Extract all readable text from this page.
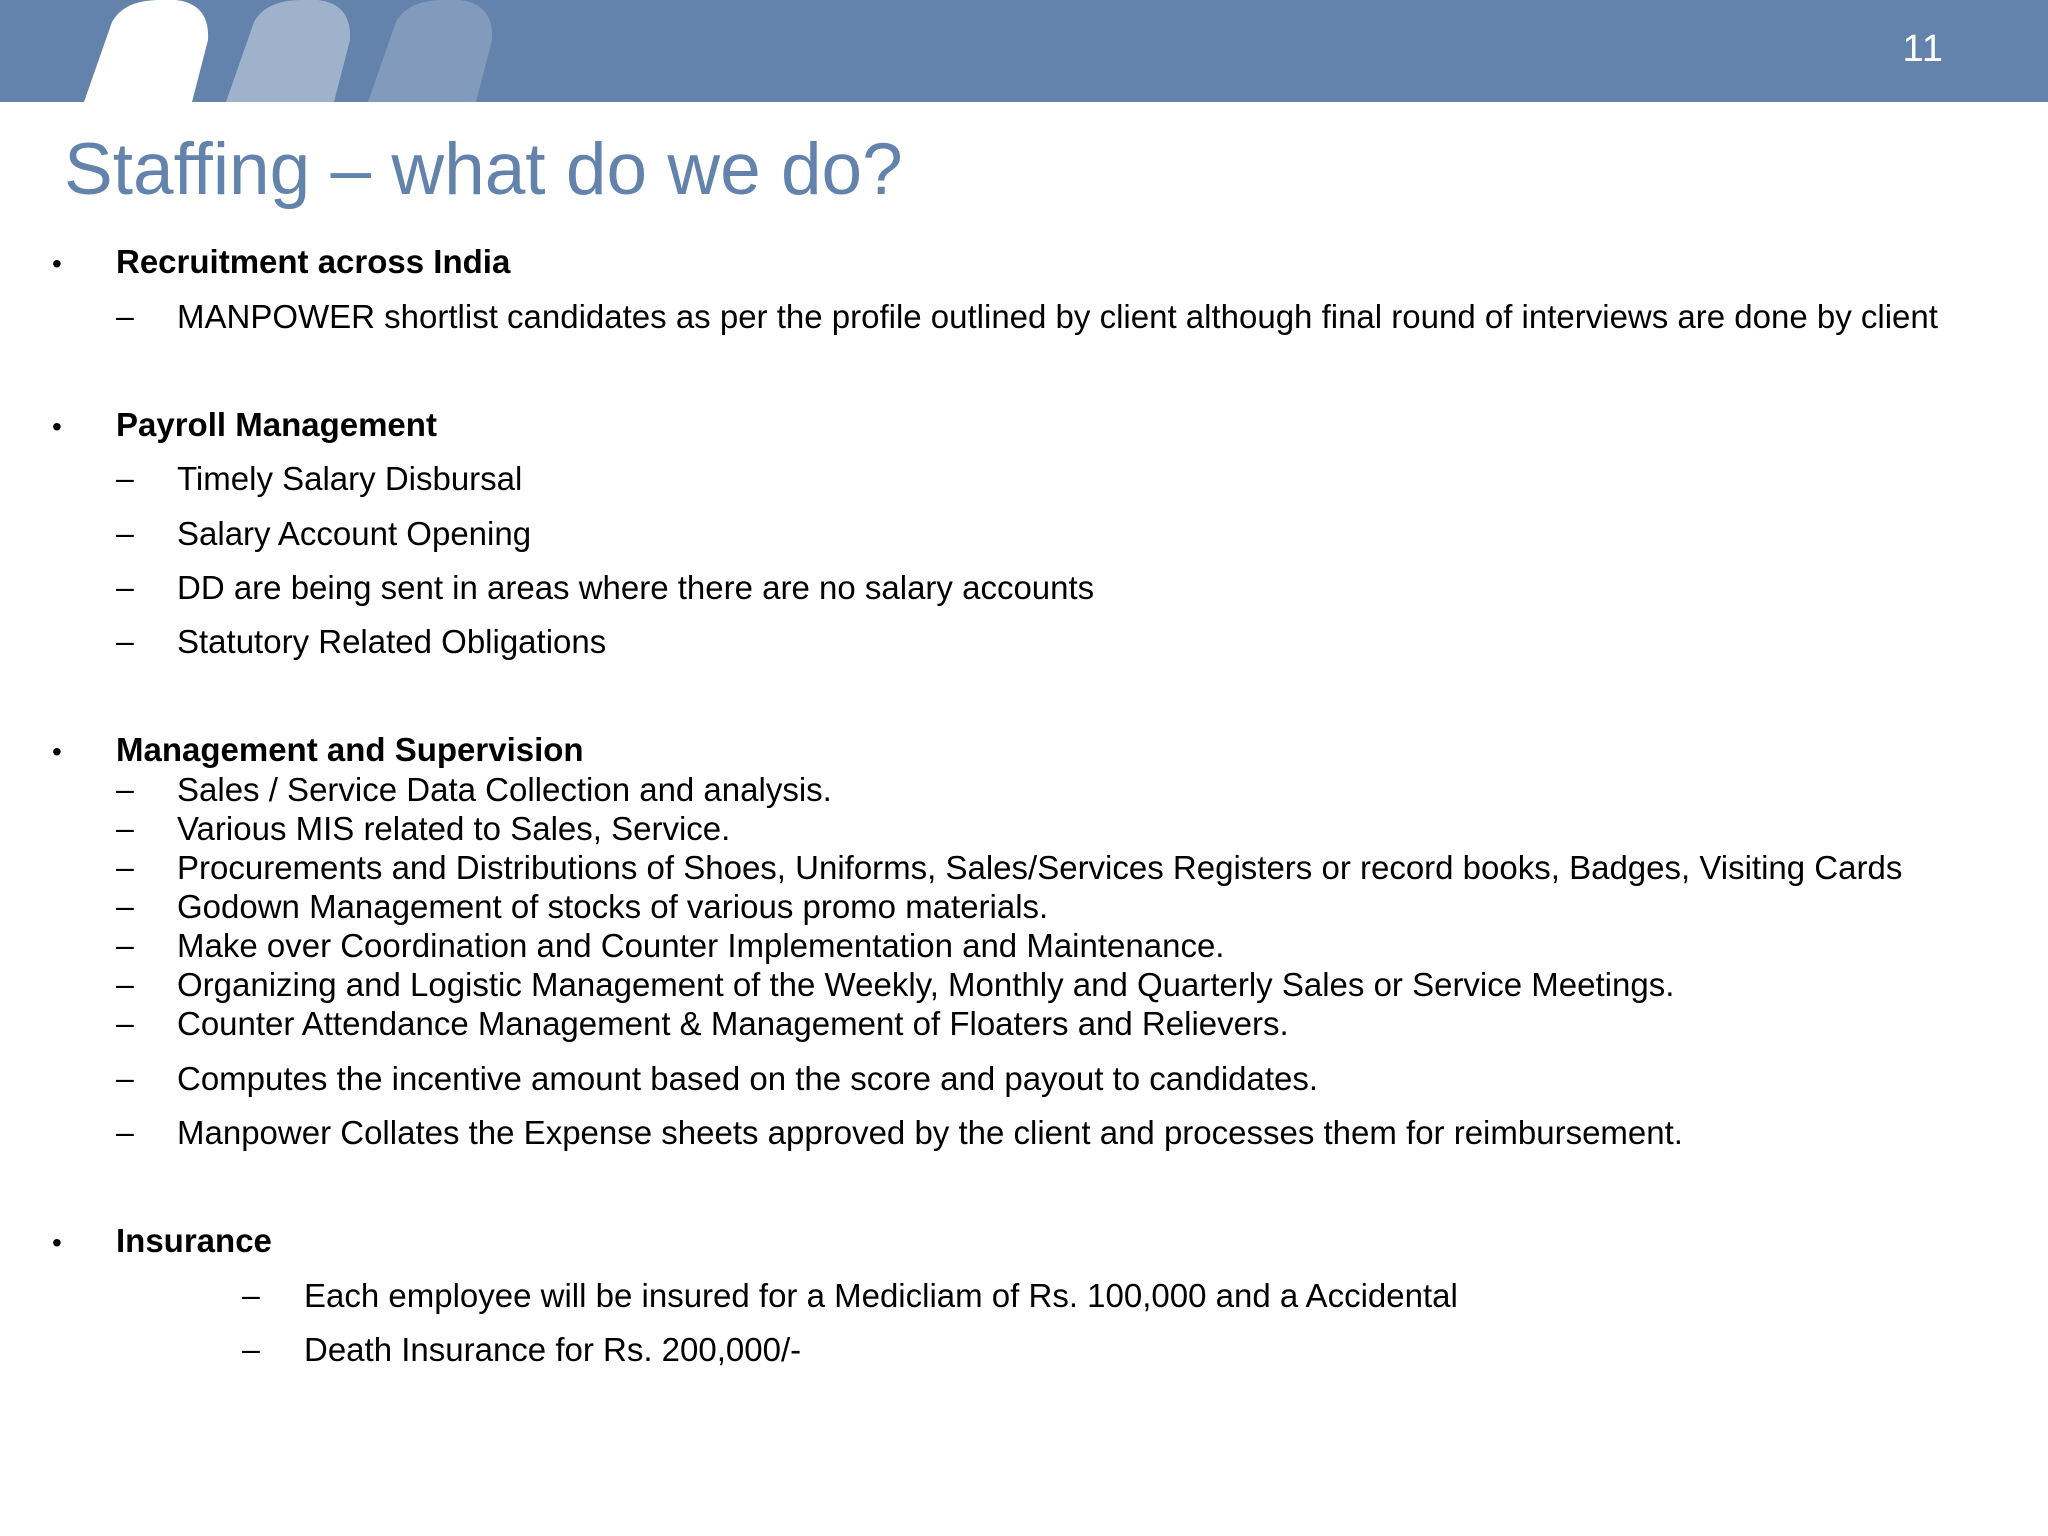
11
Staffing – what do we do?
• Recruitment across India
– MANPOWER shortlist candidates as per the profile outlined by client although final round of interviews are done by client
• Payroll Management
– Timely Salary Disbursal
– Salary Account Opening
– DD are being sent in areas where there are no salary accounts
– Statutory Related Obligations
• Management and Supervision
– Sales / Service Data Collection and analysis.
– Various MIS related to Sales, Service.
– Procurements and Distributions of Shoes, Uniforms, Sales/Services Registers or record books, Badges, Visiting Cards
– Godown Management of stocks of various promo materials.
– Make over Coordination and Counter Implementation and Maintenance.
– Organizing and Logistic Management of the Weekly, Monthly and Quarterly Sales or Service Meetings.
– Counter Attendance Management & Management of Floaters and Relievers.
– Computes the incentive amount based on the score and payout to candidates.
– Manpower Collates the Expense sheets approved by the client and processes them for reimbursement.
• Insurance
– Each employee will be insured for a Medicliam of Rs. 100,000 and a Accidental
– Death Insurance for Rs. 200,000/-
